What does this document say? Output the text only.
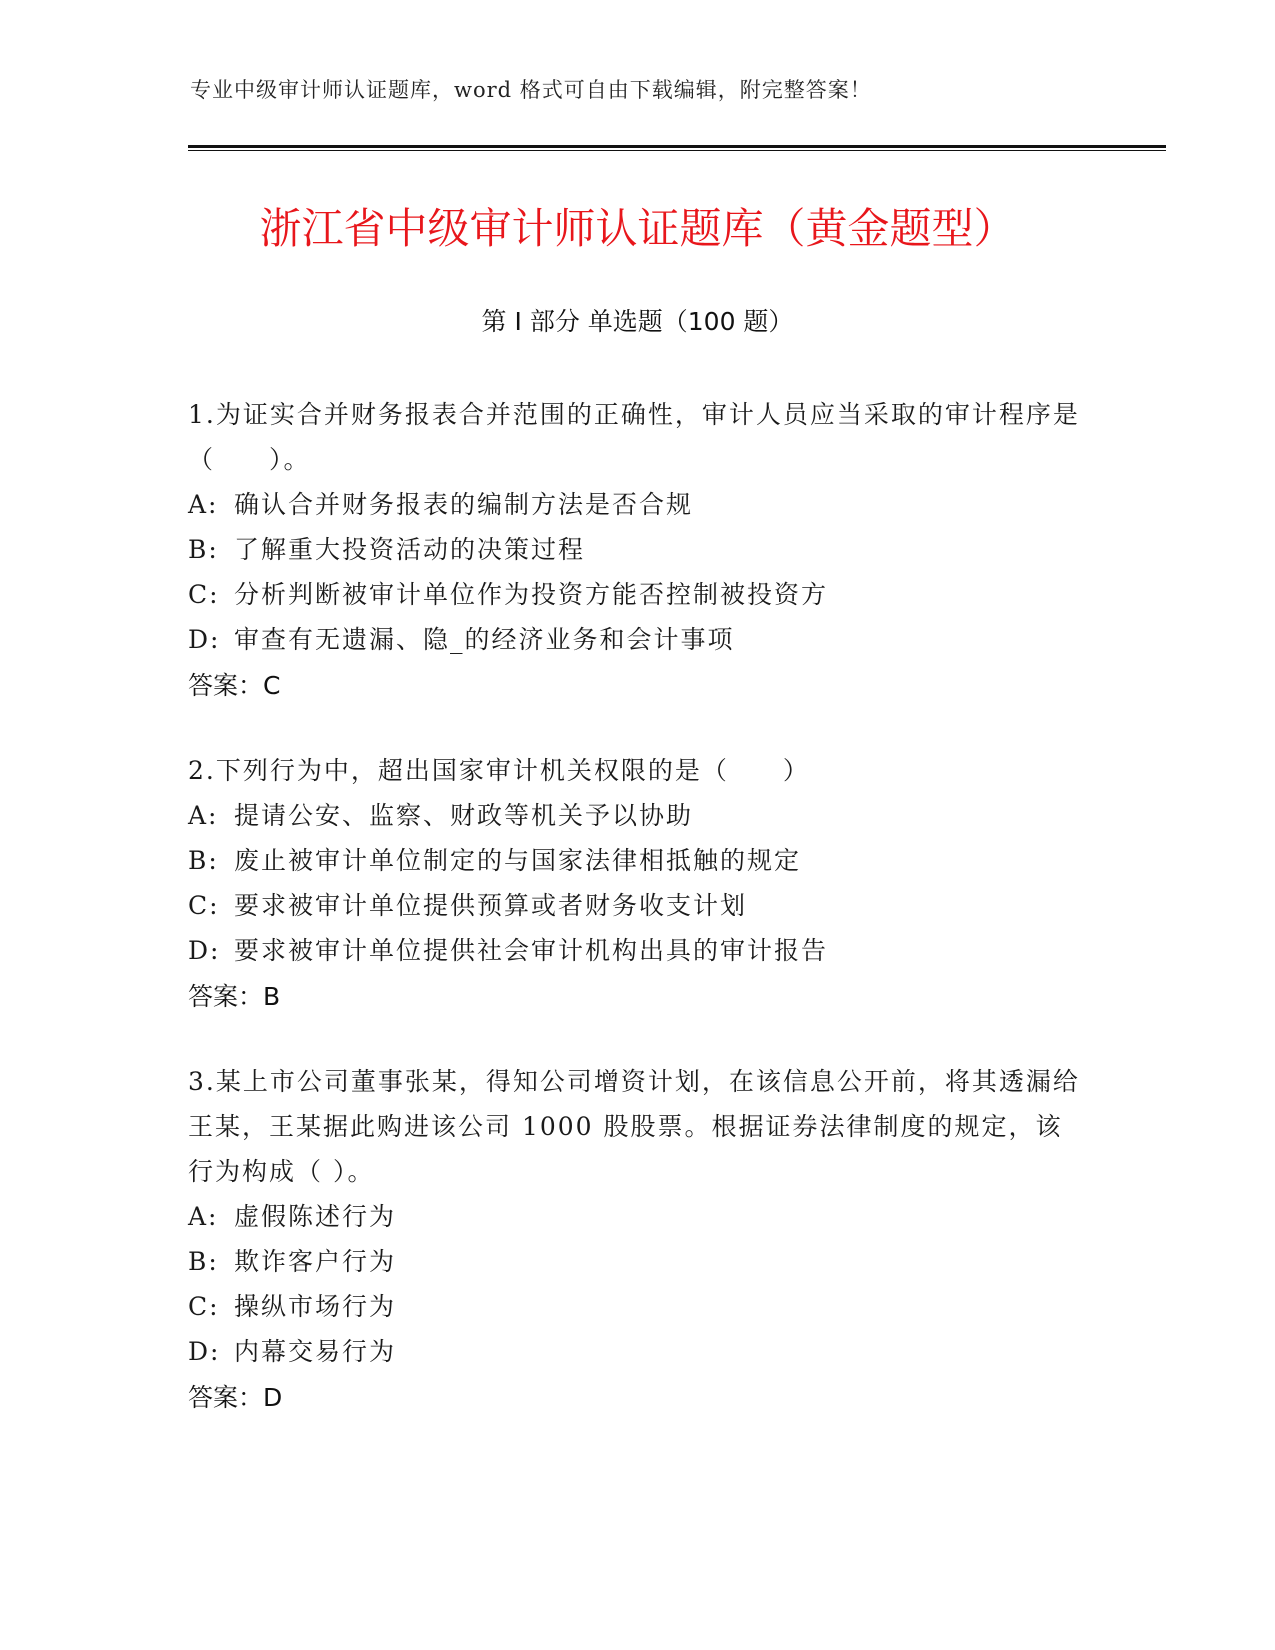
专业中级审计师认证题库，word 格式可自由下载编辑，附完整答案！
浙江省中级审计师认证题库（黄金题型）
第 I 部分 单选题（100 题）

1.为证实合并财务报表合并范围的正确性，审计人员应当采取的审计程序是（　　）。

A: 确认合并财务报表的编制方法是否合规
B: 了解重大投资活动的决策过程
C: 分析判断被审计单位作为投资方能否控制被投资方
D: 审查有无遗漏、隐_的经济业务和会计事项
答案：C

2.下列行为中，超出国家审计机关权限的是（　　）

A: 提请公安、监察、财政等机关予以协助
B: 废止被审计单位制定的与国家法律相抵触的规定
C: 要求被审计单位提供预算或者财务收支计划
D: 要求被审计单位提供社会审计机构出具的审计报告
答案：B

3.某上市公司董事张某，得知公司增资计划，在该信息公开前，将其透漏给王某，王某据此购进该公司 1000 股股票。根据证券法律制度的规定，该行为构成（ ）。

A: 虚假陈述行为
B: 欺诈客户行为
C: 操纵市场行为
D: 内幕交易行为
答案：D
